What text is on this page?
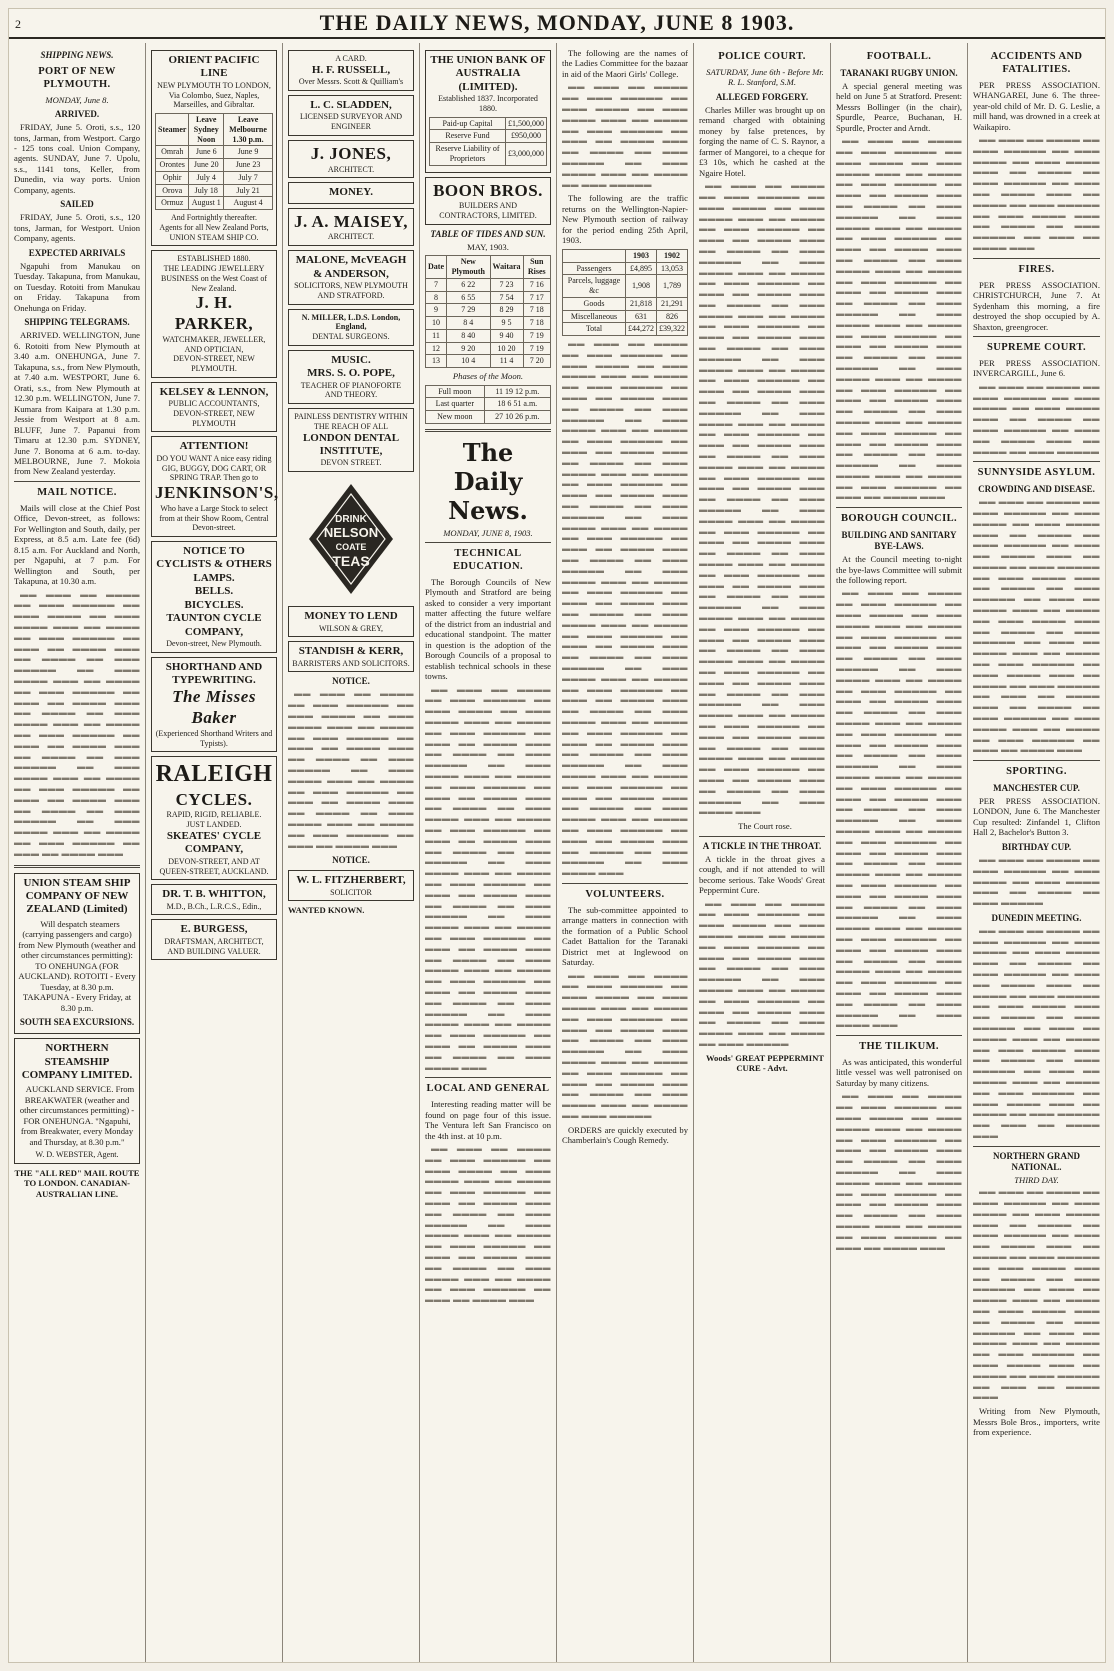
2	THE DAILY NEWS, MONDAY, JUNE 8 1903.
SHIPPING NEWS.
PORT OF NEW PLYMOUTH.
MONDAY, June 8.
ARRIVED.

FRIDAY, June 5. Oroti, s.s., 120 tons, Jarman, from Westport. Cargo - 125 tons coal. Union Company, agents. SUNDAY, June 7. Upolu, s.s., 1141 tons, Keller, from Dunedin, via way ports. Union Company, agents.

SAILED

FRIDAY, June 5. Oroti, s.s., 120 tons, Jarman, for Westport. Union Company, agents.

EXPECTED ARRIVALS

Ngapuhi from Manukau on Tuesday. Takapuna, from Manukau, on Tuesday. Rotoiti from Manukau on Friday. Takapuna from Onehunga on Friday.

SHIPPING TELEGRAMS.

ARRIVED. WELLINGTON, June 6. Rotoiti from New Plymouth at 3.40 a.m. ONEHUNGA, June 7. Takapuna, s.s., from New Plymouth, at 7.40 a.m. WESTPORT, June 6. Orati, s.s., from New Plymouth at 12.30 p.m. WELLINGTON, June 7. Kumara from Kaipara at 1.30 p.m. Jessie from Westport at 8 a.m. BLUFF, June 7. Papanui from Timaru at 12.30 p.m. SYDNEY, June 7. Bonoma at 6 a.m. to-day. MELBOURNE, June 7. Mokoia from New Zealand yesterday.

MAIL NOTICE.

Mails will close at the Chief Post Office, Devon-street, as follows: For Wellington and South, daily, per Express, at 8.5 a.m. Late fee (6d) 8.15 a.m. For Auckland and North, per Ngapuhi, at 7 p.m. For Wellington and South, per Takapuna, at 10.30 a.m.

▬▬ ▬▬▬ ▬▬ ▬▬▬▬ ▬▬ ▬▬▬ ▬▬▬▬▬ ▬▬ ▬▬▬ ▬▬▬▬ ▬▬ ▬▬▬ ▬▬▬▬ ▬▬▬ ▬▬ ▬▬▬▬ ▬▬ ▬▬▬ ▬▬▬▬▬ ▬▬ ▬▬▬ ▬▬ ▬▬▬▬ ▬▬▬ ▬▬ ▬▬▬▬ ▬▬ ▬▬▬ ▬▬▬▬▬ ▬▬ ▬▬▬ ▬▬▬▬ ▬▬▬ ▬▬ ▬▬▬▬ ▬▬ ▬▬▬ ▬▬▬▬▬ ▬▬ ▬▬▬ ▬▬ ▬▬▬▬ ▬▬▬ ▬▬ ▬▬▬▬ ▬▬ ▬▬▬ ▬▬▬▬ ▬▬▬ ▬▬ ▬▬▬▬ ▬▬ ▬▬▬ ▬▬▬▬▬ ▬▬ ▬▬▬ ▬▬ ▬▬▬▬ ▬▬▬ ▬▬ ▬▬▬▬ ▬▬ ▬▬▬ ▬▬▬▬▬ ▬▬ ▬▬▬ ▬▬▬▬ ▬▬▬ ▬▬ ▬▬▬▬ ▬▬ ▬▬▬ ▬▬▬▬▬ ▬▬ ▬▬▬ ▬▬ ▬▬▬▬ ▬▬▬ ▬▬ ▬▬▬▬ ▬▬ ▬▬▬ ▬▬▬▬▬ ▬▬ ▬▬▬ ▬▬▬▬ ▬▬▬ ▬▬ ▬▬▬▬ ▬▬ ▬▬▬ ▬▬▬▬▬ ▬▬ ▬▬▬ ▬▬ ▬▬▬▬ ▬▬▬

UNION STEAM SHIP COMPANY OF NEW ZEALAND (Limited)

Will despatch steamers (carrying passengers and cargo) from New Plymouth (weather and other circumstances permitting): TO ONEHUNGA (FOR AUCKLAND). ROTOITI - Every Tuesday, at 8.30 p.m. TAKAPUNA - Every Friday, at 8.30 p.m.

SOUTH SEA EXCURSIONS.
NORTHERN STEAMSHIP COMPANY LIMITED.

AUCKLAND SERVICE. From BREAKWATER (weather and other circumstances permitting) - FOR ONEHUNGA. "Ngapuhi, from Breakwater, every Monday and Thursday, at 8.30 p.m."

W. D. WEBSTER, Agent.
THE "ALL RED" MAIL ROUTE TO LONDON. CANADIAN-AUSTRALIAN LINE.
ORIENT PACIFIC LINE
NEW PLYMOUTH TO LONDON, Via Colombo, Suez, Naples, Marseilles, and Gibraltar.
Steamer	Leave Sydney Noon	Leave Melbourne 1.30 p.m.
Omrah	June 6	June 9
Orontes	June 20	June 23
Ophir	July 4	July 7
Orova	July 18	July 21
Ormuz	August 1	August 4
And Fortnightly thereafter.
Agents for all New Zealand Ports, UNION STEAM SHIP CO.
ESTABLISHED 1880.
THE LEADING JEWELLERY BUSINESS on the West Coast of New Zealand.
J. H. PARKER,
WATCHMAKER, JEWELLER, AND OPTICIAN,
DEVON-STREET, NEW PLYMOUTH.
KELSEY & LENNON,
PUBLIC ACCOUNTANTS, DEVON-STREET, NEW PLYMOUTH
ATTENTION!
DO YOU WANT A nice easy riding GIG, BUGGY, DOG CART, OR SPRING TRAP. Then go to
JENKINSON'S,
Who have a Large Stock to select from at their Show Room, Central Devon-street.
NOTICE TO CYCLISTS & OTHERS
LAMPS.
BELLS.
BICYCLES.
TAUNTON CYCLE COMPANY,
Devon-street, New Plymouth.
SHORTHAND AND TYPEWRITING.
The Misses Baker
(Experienced Shorthand Writers and Typists).
RALEIGH
CYCLES.
RAPID, RIGID, RELIABLE.
JUST LANDED.
SKEATES' CYCLE COMPANY,
DEVON-STREET, AND AT QUEEN-STREET, AUCKLAND.
DR. T. B. WHITTON,
M.D., B.Ch., L.R.C.S., Edin.,
E. BURGESS,
DRAFTSMAN, ARCHITECT, AND BUILDING VALUER.
A CARD.
H. F. RUSSELL,
Over Messrs. Scott & Quilliam's
L. C. SLADDEN,
LICENSED SURVEYOR AND ENGINEER
J. JONES,
ARCHITECT.
MONEY.
J. A. MAISEY,
ARCHITECT.
MALONE, McVEAGH & ANDERSON,
SOLICITORS, NEW PLYMOUTH AND STRATFORD.
N. MILLER, L.D.S. London, England,
DENTAL SURGEONS.
MUSIC.
MRS. S. O. POPE,
TEACHER OF PIANOFORTE AND THEORY.
PAINLESS DENTISTRY WITHIN THE REACH OF ALL
LONDON DENTAL INSTITUTE,
DEVON STREET.
DRINK
NELSON
COATE
TEAS
MONEY TO LEND
WILSON & GREY,
STANDISH & KERR,
BARRISTERS AND SOLICITORS.
NOTICE.

▬▬ ▬▬▬ ▬▬ ▬▬▬▬ ▬▬ ▬▬▬ ▬▬▬▬▬ ▬▬ ▬▬▬ ▬▬▬▬ ▬▬ ▬▬▬ ▬▬▬▬ ▬▬▬ ▬▬ ▬▬▬▬ ▬▬ ▬▬▬ ▬▬▬▬▬ ▬▬ ▬▬▬ ▬▬ ▬▬▬▬ ▬▬▬ ▬▬ ▬▬▬▬ ▬▬ ▬▬▬ ▬▬▬▬▬ ▬▬ ▬▬▬ ▬▬▬▬ ▬▬▬ ▬▬ ▬▬▬▬ ▬▬ ▬▬▬ ▬▬▬▬▬ ▬▬ ▬▬▬ ▬▬ ▬▬▬▬ ▬▬▬ ▬▬ ▬▬▬▬ ▬▬ ▬▬▬ ▬▬▬▬ ▬▬▬ ▬▬ ▬▬▬▬ ▬▬ ▬▬▬ ▬▬▬▬▬ ▬▬ ▬▬▬ ▬▬ ▬▬▬▬ ▬▬▬

NOTICE.
W. L. FITZHERBERT,
SOLICITOR
WANTED KNOWN.
THE UNION BANK OF AUSTRALIA (LIMITED).
Established 1837. Incorporated 1880.
Paid-up Capital	£1,500,000
Reserve Fund	£950,000
Reserve Liability of Proprietors	£3,000,000
BOON BROS.
BUILDERS AND CONTRACTORS, LIMITED.
TABLE OF TIDES AND SUN.
MAY, 1903.
Date	New Plymouth	Waitara	Sun Rises
7	6 22	7 23	7 16
8	6 55	7 54	7 17
9	7 29	8 29	7 18
10	8 4	9 5	7 18
11	8 40	9 40	7 19
12	9 20	10 20	7 19
13	10 4	11 4	7 20
Phases of the Moon.
Full moon	11 19 12 p.m.
Last quarter	18 6 51 a.m.
New moon	27 10 26 p.m.
The Daily News.
MONDAY, JUNE 8, 1903.
TECHNICAL EDUCATION.

The Borough Councils of New Plymouth and Stratford are being asked to consider a very important matter affecting the future welfare of the district from an industrial and educational standpoint. The matter in question is the adoption of the Borough Councils of a proposal to establish technical schools in these towns.

▬▬ ▬▬▬ ▬▬ ▬▬▬▬ ▬▬ ▬▬▬ ▬▬▬▬▬ ▬▬ ▬▬▬ ▬▬▬▬ ▬▬ ▬▬▬ ▬▬▬▬ ▬▬▬ ▬▬ ▬▬▬▬ ▬▬ ▬▬▬ ▬▬▬▬▬ ▬▬ ▬▬▬ ▬▬ ▬▬▬▬ ▬▬▬ ▬▬ ▬▬▬▬ ▬▬ ▬▬▬ ▬▬▬▬▬ ▬▬ ▬▬▬ ▬▬▬▬ ▬▬▬ ▬▬ ▬▬▬▬ ▬▬ ▬▬▬ ▬▬▬▬▬ ▬▬ ▬▬▬ ▬▬ ▬▬▬▬ ▬▬▬ ▬▬ ▬▬▬▬ ▬▬ ▬▬▬ ▬▬▬▬ ▬▬▬ ▬▬ ▬▬▬▬ ▬▬ ▬▬▬ ▬▬▬▬▬ ▬▬ ▬▬▬ ▬▬ ▬▬▬▬ ▬▬▬ ▬▬ ▬▬▬▬ ▬▬ ▬▬▬ ▬▬▬▬▬ ▬▬ ▬▬▬ ▬▬▬▬ ▬▬▬ ▬▬ ▬▬▬▬ ▬▬ ▬▬▬ ▬▬▬▬▬ ▬▬ ▬▬▬ ▬▬ ▬▬▬▬ ▬▬▬ ▬▬ ▬▬▬▬ ▬▬ ▬▬▬ ▬▬▬▬▬ ▬▬ ▬▬▬ ▬▬▬▬ ▬▬▬ ▬▬ ▬▬▬▬ ▬▬ ▬▬▬ ▬▬▬▬▬ ▬▬ ▬▬▬ ▬▬ ▬▬▬▬ ▬▬▬ ▬▬ ▬▬▬▬ ▬▬ ▬▬▬ ▬▬▬▬ ▬▬▬ ▬▬ ▬▬▬▬ ▬▬ ▬▬▬ ▬▬▬▬▬ ▬▬ ▬▬▬ ▬▬ ▬▬▬▬ ▬▬▬ ▬▬ ▬▬▬▬ ▬▬ ▬▬▬ ▬▬▬▬▬ ▬▬ ▬▬▬ ▬▬▬▬ ▬▬▬ ▬▬ ▬▬▬▬ ▬▬ ▬▬▬ ▬▬▬▬▬ ▬▬ ▬▬▬ ▬▬ ▬▬▬▬ ▬▬▬ ▬▬ ▬▬▬▬ ▬▬ ▬▬▬ ▬▬▬▬ ▬▬▬

LOCAL AND GENERAL

Interesting reading matter will be found on page four of this issue. The Ventura left San Francisco on the 4th inst. at 10 p.m.

▬▬ ▬▬▬ ▬▬ ▬▬▬▬ ▬▬ ▬▬▬ ▬▬▬▬▬ ▬▬ ▬▬▬ ▬▬▬▬ ▬▬ ▬▬▬ ▬▬▬▬ ▬▬▬ ▬▬ ▬▬▬▬ ▬▬ ▬▬▬ ▬▬▬▬▬ ▬▬ ▬▬▬ ▬▬ ▬▬▬▬ ▬▬▬ ▬▬ ▬▬▬▬ ▬▬ ▬▬▬ ▬▬▬▬▬ ▬▬ ▬▬▬ ▬▬▬▬ ▬▬▬ ▬▬ ▬▬▬▬ ▬▬ ▬▬▬ ▬▬▬▬▬ ▬▬ ▬▬▬ ▬▬ ▬▬▬▬ ▬▬▬ ▬▬ ▬▬▬▬ ▬▬ ▬▬▬ ▬▬▬▬ ▬▬▬ ▬▬ ▬▬▬▬ ▬▬ ▬▬▬ ▬▬▬▬▬ ▬▬ ▬▬▬ ▬▬ ▬▬▬▬ ▬▬▬

The following are the names of the Ladies Committee for the bazaar in aid of the Maori Girls' College.

▬▬ ▬▬▬ ▬▬ ▬▬▬▬ ▬▬ ▬▬▬ ▬▬▬▬▬ ▬▬ ▬▬▬ ▬▬▬▬ ▬▬ ▬▬▬ ▬▬▬▬ ▬▬▬ ▬▬ ▬▬▬▬ ▬▬ ▬▬▬ ▬▬▬▬▬ ▬▬ ▬▬▬ ▬▬ ▬▬▬▬ ▬▬▬ ▬▬ ▬▬▬▬ ▬▬ ▬▬▬ ▬▬▬▬▬ ▬▬ ▬▬▬ ▬▬▬▬ ▬▬▬ ▬▬ ▬▬▬▬ ▬▬ ▬▬▬ ▬▬▬▬▬

The following are the traffic returns on the Wellington-Napier-New Plymouth section of railway for the period ending 25th April, 1903.

	1903	1902
Passengers	£4,895	13,053
Parcels, luggage &c	1,908	1,789
Goods	21,818	21,291
Miscellaneous	631	826
Total	£44,272	£39,322

▬▬ ▬▬▬ ▬▬ ▬▬▬▬ ▬▬ ▬▬▬ ▬▬▬▬▬ ▬▬ ▬▬▬ ▬▬▬▬ ▬▬ ▬▬▬ ▬▬▬▬ ▬▬▬ ▬▬ ▬▬▬▬ ▬▬ ▬▬▬ ▬▬▬▬▬ ▬▬ ▬▬▬ ▬▬ ▬▬▬▬ ▬▬▬ ▬▬ ▬▬▬▬ ▬▬ ▬▬▬ ▬▬▬▬▬ ▬▬ ▬▬▬ ▬▬▬▬ ▬▬▬ ▬▬ ▬▬▬▬ ▬▬ ▬▬▬ ▬▬▬▬▬ ▬▬ ▬▬▬ ▬▬ ▬▬▬▬ ▬▬▬ ▬▬ ▬▬▬▬ ▬▬ ▬▬▬ ▬▬▬▬ ▬▬▬ ▬▬ ▬▬▬▬ ▬▬ ▬▬▬ ▬▬▬▬▬ ▬▬ ▬▬▬ ▬▬ ▬▬▬▬ ▬▬▬ ▬▬ ▬▬▬▬ ▬▬ ▬▬▬ ▬▬▬▬▬ ▬▬ ▬▬▬ ▬▬▬▬ ▬▬▬ ▬▬ ▬▬▬▬ ▬▬ ▬▬▬ ▬▬▬▬▬ ▬▬ ▬▬▬ ▬▬ ▬▬▬▬ ▬▬▬ ▬▬ ▬▬▬▬ ▬▬ ▬▬▬ ▬▬▬▬▬ ▬▬ ▬▬▬ ▬▬▬▬ ▬▬▬ ▬▬ ▬▬▬▬ ▬▬ ▬▬▬ ▬▬▬▬▬ ▬▬ ▬▬▬ ▬▬ ▬▬▬▬ ▬▬▬ ▬▬ ▬▬▬▬ ▬▬ ▬▬▬ ▬▬▬▬ ▬▬▬ ▬▬ ▬▬▬▬ ▬▬ ▬▬▬ ▬▬▬▬▬ ▬▬ ▬▬▬ ▬▬ ▬▬▬▬ ▬▬▬ ▬▬ ▬▬▬▬ ▬▬ ▬▬▬ ▬▬▬▬▬ ▬▬ ▬▬▬ ▬▬▬▬ ▬▬▬ ▬▬ ▬▬▬▬ ▬▬ ▬▬▬ ▬▬▬▬▬ ▬▬ ▬▬▬ ▬▬ ▬▬▬▬ ▬▬▬ ▬▬ ▬▬▬▬ ▬▬ ▬▬▬ ▬▬▬▬ ▬▬▬ ▬▬ ▬▬▬▬ ▬▬ ▬▬▬ ▬▬▬▬▬ ▬▬ ▬▬▬ ▬▬ ▬▬▬▬ ▬▬▬ ▬▬ ▬▬▬▬ ▬▬ ▬▬▬ ▬▬▬▬▬ ▬▬ ▬▬▬ ▬▬▬▬ ▬▬▬ ▬▬ ▬▬▬▬ ▬▬ ▬▬▬ ▬▬▬▬▬ ▬▬ ▬▬▬ ▬▬ ▬▬▬▬ ▬▬▬ ▬▬ ▬▬▬▬ ▬▬ ▬▬▬ ▬▬▬▬ ▬▬▬ ▬▬ ▬▬▬▬ ▬▬ ▬▬▬ ▬▬▬▬▬ ▬▬ ▬▬▬ ▬▬ ▬▬▬▬ ▬▬▬ ▬▬ ▬▬▬▬ ▬▬ ▬▬▬ ▬▬▬▬▬ ▬▬ ▬▬▬ ▬▬▬▬ ▬▬▬

VOLUNTEERS.

The sub-committee appointed to arrange matters in connection with the formation of a Public School Cadet Battalion for the Taranaki District met at Inglewood on Saturday.

▬▬ ▬▬▬ ▬▬ ▬▬▬▬ ▬▬ ▬▬▬ ▬▬▬▬▬ ▬▬ ▬▬▬ ▬▬▬▬ ▬▬ ▬▬▬ ▬▬▬▬ ▬▬▬ ▬▬ ▬▬▬▬ ▬▬ ▬▬▬ ▬▬▬▬▬ ▬▬ ▬▬▬ ▬▬ ▬▬▬▬ ▬▬▬ ▬▬ ▬▬▬▬ ▬▬ ▬▬▬ ▬▬▬▬▬ ▬▬ ▬▬▬ ▬▬▬▬ ▬▬▬ ▬▬ ▬▬▬▬ ▬▬ ▬▬▬ ▬▬▬▬▬ ▬▬ ▬▬▬ ▬▬ ▬▬▬▬ ▬▬▬ ▬▬ ▬▬▬▬ ▬▬ ▬▬▬ ▬▬▬▬ ▬▬▬ ▬▬ ▬▬▬▬ ▬▬ ▬▬▬ ▬▬▬▬▬

ORDERS are quickly executed by Chamberlain's Cough Remedy.

POLICE COURT.

SATURDAY, June 6th - Before Mr. R. L. Stanford, S.M.

ALLEGED FORGERY.

Charles Miller was brought up on remand charged with obtaining money by false pretences, by forging the name of C. S. Raynor, a farmer of Mangorei, to a cheque for £3 10s, which he cashed at the Ngaire Hotel.

▬▬ ▬▬▬ ▬▬ ▬▬▬▬ ▬▬ ▬▬▬ ▬▬▬▬▬ ▬▬ ▬▬▬ ▬▬▬▬ ▬▬ ▬▬▬ ▬▬▬▬ ▬▬▬ ▬▬ ▬▬▬▬ ▬▬ ▬▬▬ ▬▬▬▬▬ ▬▬ ▬▬▬ ▬▬ ▬▬▬▬ ▬▬▬ ▬▬ ▬▬▬▬ ▬▬ ▬▬▬ ▬▬▬▬▬ ▬▬ ▬▬▬ ▬▬▬▬ ▬▬▬ ▬▬ ▬▬▬▬ ▬▬ ▬▬▬ ▬▬▬▬▬ ▬▬ ▬▬▬ ▬▬ ▬▬▬▬ ▬▬▬ ▬▬ ▬▬▬▬ ▬▬ ▬▬▬ ▬▬▬▬ ▬▬▬ ▬▬ ▬▬▬▬ ▬▬ ▬▬▬ ▬▬▬▬▬ ▬▬ ▬▬▬ ▬▬ ▬▬▬▬ ▬▬▬ ▬▬ ▬▬▬▬ ▬▬ ▬▬▬ ▬▬▬▬▬ ▬▬ ▬▬▬ ▬▬▬▬ ▬▬▬ ▬▬ ▬▬▬▬ ▬▬ ▬▬▬ ▬▬▬▬▬ ▬▬ ▬▬▬ ▬▬ ▬▬▬▬ ▬▬▬ ▬▬ ▬▬▬▬ ▬▬ ▬▬▬ ▬▬▬▬▬ ▬▬ ▬▬▬ ▬▬▬▬ ▬▬▬ ▬▬ ▬▬▬▬ ▬▬ ▬▬▬ ▬▬▬▬▬ ▬▬ ▬▬▬ ▬▬ ▬▬▬▬ ▬▬▬ ▬▬ ▬▬▬▬ ▬▬ ▬▬▬ ▬▬▬▬ ▬▬▬ ▬▬ ▬▬▬▬ ▬▬ ▬▬▬ ▬▬▬▬▬ ▬▬ ▬▬▬ ▬▬ ▬▬▬▬ ▬▬▬ ▬▬ ▬▬▬▬ ▬▬ ▬▬▬ ▬▬▬▬▬ ▬▬ ▬▬▬ ▬▬▬▬ ▬▬▬ ▬▬ ▬▬▬▬ ▬▬ ▬▬▬ ▬▬▬▬▬ ▬▬ ▬▬▬ ▬▬ ▬▬▬▬ ▬▬▬ ▬▬ ▬▬▬▬ ▬▬ ▬▬▬ ▬▬▬▬ ▬▬▬ ▬▬ ▬▬▬▬ ▬▬ ▬▬▬ ▬▬▬▬▬ ▬▬ ▬▬▬ ▬▬ ▬▬▬▬ ▬▬▬ ▬▬ ▬▬▬▬ ▬▬ ▬▬▬ ▬▬▬▬▬ ▬▬ ▬▬▬ ▬▬▬▬ ▬▬▬ ▬▬ ▬▬▬▬ ▬▬ ▬▬▬ ▬▬▬▬▬ ▬▬ ▬▬▬ ▬▬ ▬▬▬▬ ▬▬▬ ▬▬ ▬▬▬▬ ▬▬ ▬▬▬ ▬▬▬▬ ▬▬▬ ▬▬ ▬▬▬▬ ▬▬ ▬▬▬ ▬▬▬▬▬ ▬▬ ▬▬▬ ▬▬ ▬▬▬▬ ▬▬▬ ▬▬ ▬▬▬▬ ▬▬ ▬▬▬ ▬▬▬▬▬ ▬▬ ▬▬▬ ▬▬▬▬ ▬▬▬ ▬▬ ▬▬▬▬ ▬▬ ▬▬▬ ▬▬▬▬▬ ▬▬ ▬▬▬ ▬▬ ▬▬▬▬ ▬▬▬ ▬▬ ▬▬▬▬ ▬▬ ▬▬▬ ▬▬▬▬ ▬▬▬ ▬▬ ▬▬▬▬ ▬▬ ▬▬▬ ▬▬▬▬▬ ▬▬ ▬▬▬ ▬▬ ▬▬▬▬ ▬▬▬ ▬▬ ▬▬▬▬ ▬▬ ▬▬▬ ▬▬▬▬▬ ▬▬ ▬▬▬ ▬▬▬▬ ▬▬▬

The Court rose.

A TICKLE IN THE THROAT.

A tickle in the throat gives a cough, and if not attended to will become serious. Take Woods' Great Peppermint Cure.

▬▬ ▬▬▬ ▬▬ ▬▬▬▬ ▬▬ ▬▬▬ ▬▬▬▬▬ ▬▬ ▬▬▬ ▬▬▬▬ ▬▬ ▬▬▬ ▬▬▬▬ ▬▬▬ ▬▬ ▬▬▬▬ ▬▬ ▬▬▬ ▬▬▬▬▬ ▬▬ ▬▬▬ ▬▬ ▬▬▬▬ ▬▬▬ ▬▬ ▬▬▬▬ ▬▬ ▬▬▬ ▬▬▬▬▬ ▬▬ ▬▬▬ ▬▬▬▬ ▬▬▬ ▬▬ ▬▬▬▬ ▬▬ ▬▬▬ ▬▬▬▬▬ ▬▬ ▬▬▬ ▬▬ ▬▬▬▬ ▬▬▬ ▬▬ ▬▬▬▬ ▬▬ ▬▬▬ ▬▬▬▬ ▬▬▬ ▬▬ ▬▬▬▬ ▬▬ ▬▬▬ ▬▬▬▬▬

Woods' GREAT PEPPERMINT CURE - Advt.

FOOTBALL.
TARANAKI RUGBY UNION.

A special general meeting was held on June 5 at Stratford. Present: Messrs Bollinger (in the chair), Spurdle, Pearce, Buchanan, H. Spurdle, Procter and Arndt.

▬▬ ▬▬▬ ▬▬ ▬▬▬▬ ▬▬ ▬▬▬ ▬▬▬▬▬ ▬▬ ▬▬▬ ▬▬▬▬ ▬▬ ▬▬▬ ▬▬▬▬ ▬▬▬ ▬▬ ▬▬▬▬ ▬▬ ▬▬▬ ▬▬▬▬▬ ▬▬ ▬▬▬ ▬▬ ▬▬▬▬ ▬▬▬ ▬▬ ▬▬▬▬ ▬▬ ▬▬▬ ▬▬▬▬▬ ▬▬ ▬▬▬ ▬▬▬▬ ▬▬▬ ▬▬ ▬▬▬▬ ▬▬ ▬▬▬ ▬▬▬▬▬ ▬▬ ▬▬▬ ▬▬ ▬▬▬▬ ▬▬▬ ▬▬ ▬▬▬▬ ▬▬ ▬▬▬ ▬▬▬▬ ▬▬▬ ▬▬ ▬▬▬▬ ▬▬ ▬▬▬ ▬▬▬▬▬ ▬▬ ▬▬▬ ▬▬ ▬▬▬▬ ▬▬▬ ▬▬ ▬▬▬▬ ▬▬ ▬▬▬ ▬▬▬▬▬ ▬▬ ▬▬▬ ▬▬▬▬ ▬▬▬ ▬▬ ▬▬▬▬ ▬▬ ▬▬▬ ▬▬▬▬▬ ▬▬ ▬▬▬ ▬▬ ▬▬▬▬ ▬▬▬ ▬▬ ▬▬▬▬ ▬▬ ▬▬▬ ▬▬▬▬▬ ▬▬ ▬▬▬ ▬▬▬▬ ▬▬▬ ▬▬ ▬▬▬▬ ▬▬ ▬▬▬ ▬▬▬▬▬ ▬▬ ▬▬▬ ▬▬ ▬▬▬▬ ▬▬▬ ▬▬ ▬▬▬▬ ▬▬ ▬▬▬ ▬▬▬▬ ▬▬▬ ▬▬ ▬▬▬▬ ▬▬ ▬▬▬ ▬▬▬▬▬ ▬▬ ▬▬▬ ▬▬ ▬▬▬▬ ▬▬▬ ▬▬ ▬▬▬▬ ▬▬ ▬▬▬ ▬▬▬▬▬ ▬▬ ▬▬▬ ▬▬▬▬ ▬▬▬ ▬▬ ▬▬▬▬ ▬▬ ▬▬▬ ▬▬▬▬▬ ▬▬ ▬▬▬ ▬▬ ▬▬▬▬ ▬▬▬

BOROUGH COUNCIL.
BUILDING AND SANITARY BYE-LAWS.

At the Council meeting to-night the bye-laws Committee will submit the following report.

▬▬ ▬▬▬ ▬▬ ▬▬▬▬ ▬▬ ▬▬▬ ▬▬▬▬▬ ▬▬ ▬▬▬ ▬▬▬▬ ▬▬ ▬▬▬ ▬▬▬▬ ▬▬▬ ▬▬ ▬▬▬▬ ▬▬ ▬▬▬ ▬▬▬▬▬ ▬▬ ▬▬▬ ▬▬ ▬▬▬▬ ▬▬▬ ▬▬ ▬▬▬▬ ▬▬ ▬▬▬ ▬▬▬▬▬ ▬▬ ▬▬▬ ▬▬▬▬ ▬▬▬ ▬▬ ▬▬▬▬ ▬▬ ▬▬▬ ▬▬▬▬▬ ▬▬ ▬▬▬ ▬▬ ▬▬▬▬ ▬▬▬ ▬▬ ▬▬▬▬ ▬▬ ▬▬▬ ▬▬▬▬ ▬▬▬ ▬▬ ▬▬▬▬ ▬▬ ▬▬▬ ▬▬▬▬▬ ▬▬ ▬▬▬ ▬▬ ▬▬▬▬ ▬▬▬ ▬▬ ▬▬▬▬ ▬▬ ▬▬▬ ▬▬▬▬▬ ▬▬ ▬▬▬ ▬▬▬▬ ▬▬▬ ▬▬ ▬▬▬▬ ▬▬ ▬▬▬ ▬▬▬▬▬ ▬▬ ▬▬▬ ▬▬ ▬▬▬▬ ▬▬▬ ▬▬ ▬▬▬▬ ▬▬ ▬▬▬ ▬▬▬▬▬ ▬▬ ▬▬▬ ▬▬▬▬ ▬▬▬ ▬▬ ▬▬▬▬ ▬▬ ▬▬▬ ▬▬▬▬▬ ▬▬ ▬▬▬ ▬▬ ▬▬▬▬ ▬▬▬ ▬▬ ▬▬▬▬ ▬▬ ▬▬▬ ▬▬▬▬ ▬▬▬ ▬▬ ▬▬▬▬ ▬▬ ▬▬▬ ▬▬▬▬▬ ▬▬ ▬▬▬ ▬▬ ▬▬▬▬ ▬▬▬ ▬▬ ▬▬▬▬ ▬▬ ▬▬▬ ▬▬▬▬▬ ▬▬ ▬▬▬ ▬▬▬▬ ▬▬▬ ▬▬ ▬▬▬▬ ▬▬ ▬▬▬ ▬▬▬▬▬ ▬▬ ▬▬▬ ▬▬ ▬▬▬▬ ▬▬▬ ▬▬ ▬▬▬▬ ▬▬ ▬▬▬ ▬▬▬▬ ▬▬▬ ▬▬ ▬▬▬▬ ▬▬ ▬▬▬ ▬▬▬▬▬ ▬▬ ▬▬▬ ▬▬ ▬▬▬▬ ▬▬▬ ▬▬ ▬▬▬▬ ▬▬ ▬▬▬ ▬▬▬▬▬ ▬▬ ▬▬▬ ▬▬▬▬ ▬▬▬

THE TILIKUM.

As was anticipated, this wonderful little vessel was well patronised on Saturday by many citizens.

▬▬ ▬▬▬ ▬▬ ▬▬▬▬ ▬▬ ▬▬▬ ▬▬▬▬▬ ▬▬ ▬▬▬ ▬▬▬▬ ▬▬ ▬▬▬ ▬▬▬▬ ▬▬▬ ▬▬ ▬▬▬▬ ▬▬ ▬▬▬ ▬▬▬▬▬ ▬▬ ▬▬▬ ▬▬ ▬▬▬▬ ▬▬▬ ▬▬ ▬▬▬▬ ▬▬ ▬▬▬ ▬▬▬▬▬ ▬▬ ▬▬▬ ▬▬▬▬ ▬▬▬ ▬▬ ▬▬▬▬ ▬▬ ▬▬▬ ▬▬▬▬▬ ▬▬ ▬▬▬ ▬▬ ▬▬▬▬ ▬▬▬ ▬▬ ▬▬▬▬ ▬▬ ▬▬▬ ▬▬▬▬ ▬▬▬ ▬▬ ▬▬▬▬ ▬▬ ▬▬▬ ▬▬▬▬▬ ▬▬ ▬▬▬ ▬▬ ▬▬▬▬ ▬▬▬

ACCIDENTS AND FATALITIES.

PER PRESS ASSOCIATION. WHANGAREI, June 6. The three-year-old child of Mr. D. G. Leslie, a mill hand, was drowned in a creek at Waikapiro.

▬▬ ▬▬▬ ▬▬ ▬▬▬▬ ▬▬ ▬▬▬ ▬▬▬▬▬ ▬▬ ▬▬▬ ▬▬▬▬ ▬▬ ▬▬▬ ▬▬▬▬ ▬▬▬ ▬▬ ▬▬▬▬ ▬▬ ▬▬▬ ▬▬▬▬▬ ▬▬ ▬▬▬ ▬▬ ▬▬▬▬ ▬▬▬ ▬▬ ▬▬▬▬ ▬▬ ▬▬▬ ▬▬▬▬▬ ▬▬ ▬▬▬ ▬▬▬▬ ▬▬▬ ▬▬ ▬▬▬▬ ▬▬ ▬▬▬ ▬▬▬▬▬ ▬▬ ▬▬▬ ▬▬ ▬▬▬▬ ▬▬▬

FIRES.

PER PRESS ASSOCIATION. CHRISTCHURCH, June 7. At Sydenham this morning, a fire destroyed the shop occupied by A. Shaxton, greengrocer.

SUPREME COURT.

PER PRESS ASSOCIATION. INVERCARGILL, June 6.

▬▬ ▬▬▬ ▬▬ ▬▬▬▬ ▬▬ ▬▬▬ ▬▬▬▬▬ ▬▬ ▬▬▬ ▬▬▬▬ ▬▬ ▬▬▬ ▬▬▬▬ ▬▬▬ ▬▬ ▬▬▬▬ ▬▬ ▬▬▬ ▬▬▬▬▬ ▬▬ ▬▬▬ ▬▬ ▬▬▬▬ ▬▬▬ ▬▬ ▬▬▬▬ ▬▬ ▬▬▬ ▬▬▬▬▬

SUNNYSIDE ASYLUM.
CROWDING AND DISEASE.

▬▬ ▬▬▬ ▬▬ ▬▬▬▬ ▬▬ ▬▬▬ ▬▬▬▬▬ ▬▬ ▬▬▬ ▬▬▬▬ ▬▬ ▬▬▬ ▬▬▬▬ ▬▬▬ ▬▬ ▬▬▬▬ ▬▬ ▬▬▬ ▬▬▬▬▬ ▬▬ ▬▬▬ ▬▬ ▬▬▬▬ ▬▬▬ ▬▬ ▬▬▬▬ ▬▬ ▬▬▬ ▬▬▬▬▬ ▬▬ ▬▬▬ ▬▬▬▬ ▬▬▬ ▬▬ ▬▬▬▬ ▬▬ ▬▬▬ ▬▬▬▬▬ ▬▬ ▬▬▬ ▬▬ ▬▬▬▬ ▬▬▬ ▬▬ ▬▬▬▬ ▬▬ ▬▬▬ ▬▬▬▬ ▬▬▬ ▬▬ ▬▬▬▬ ▬▬ ▬▬▬ ▬▬▬▬▬ ▬▬ ▬▬▬ ▬▬ ▬▬▬▬ ▬▬▬ ▬▬ ▬▬▬▬ ▬▬ ▬▬▬ ▬▬▬▬▬ ▬▬ ▬▬▬ ▬▬▬▬ ▬▬▬ ▬▬ ▬▬▬▬ ▬▬ ▬▬▬ ▬▬▬▬▬ ▬▬ ▬▬▬ ▬▬ ▬▬▬▬ ▬▬▬ ▬▬ ▬▬▬▬ ▬▬ ▬▬▬ ▬▬▬▬▬ ▬▬ ▬▬▬ ▬▬▬▬ ▬▬▬ ▬▬ ▬▬▬▬ ▬▬ ▬▬▬ ▬▬▬▬▬ ▬▬ ▬▬▬ ▬▬ ▬▬▬▬ ▬▬▬

SPORTING.
MANCHESTER CUP.

PER PRESS ASSOCIATION. LONDON, June 6. The Manchester Cup resulted: Zinfandel 1, Clifton Hall 2, Bachelor's Button 3.

BIRTHDAY CUP.

▬▬ ▬▬▬ ▬▬ ▬▬▬▬ ▬▬ ▬▬▬ ▬▬▬▬▬ ▬▬ ▬▬▬ ▬▬▬▬ ▬▬ ▬▬▬ ▬▬▬▬ ▬▬▬ ▬▬ ▬▬▬▬ ▬▬ ▬▬▬ ▬▬▬▬▬

DUNEDIN MEETING.

▬▬ ▬▬▬ ▬▬ ▬▬▬▬ ▬▬ ▬▬▬ ▬▬▬▬▬ ▬▬ ▬▬▬ ▬▬▬▬ ▬▬ ▬▬▬ ▬▬▬▬ ▬▬▬ ▬▬ ▬▬▬▬ ▬▬ ▬▬▬ ▬▬▬▬▬ ▬▬ ▬▬▬ ▬▬ ▬▬▬▬ ▬▬▬ ▬▬ ▬▬▬▬ ▬▬ ▬▬▬ ▬▬▬▬▬ ▬▬ ▬▬▬ ▬▬▬▬ ▬▬▬ ▬▬ ▬▬▬▬ ▬▬ ▬▬▬ ▬▬▬▬▬ ▬▬ ▬▬▬ ▬▬ ▬▬▬▬ ▬▬▬ ▬▬ ▬▬▬▬ ▬▬ ▬▬▬ ▬▬▬▬ ▬▬▬ ▬▬ ▬▬▬▬ ▬▬ ▬▬▬ ▬▬▬▬▬ ▬▬ ▬▬▬ ▬▬ ▬▬▬▬ ▬▬▬ ▬▬ ▬▬▬▬ ▬▬ ▬▬▬ ▬▬▬▬▬ ▬▬ ▬▬▬ ▬▬▬▬ ▬▬▬ ▬▬ ▬▬▬▬ ▬▬ ▬▬▬ ▬▬▬▬▬ ▬▬ ▬▬▬ ▬▬ ▬▬▬▬ ▬▬▬

NORTHERN GRAND NATIONAL.
THIRD DAY.

▬▬ ▬▬▬ ▬▬ ▬▬▬▬ ▬▬ ▬▬▬ ▬▬▬▬▬ ▬▬ ▬▬▬ ▬▬▬▬ ▬▬ ▬▬▬ ▬▬▬▬ ▬▬▬ ▬▬ ▬▬▬▬ ▬▬ ▬▬▬ ▬▬▬▬▬ ▬▬ ▬▬▬ ▬▬ ▬▬▬▬ ▬▬▬ ▬▬ ▬▬▬▬ ▬▬ ▬▬▬ ▬▬▬▬▬ ▬▬ ▬▬▬ ▬▬▬▬ ▬▬▬ ▬▬ ▬▬▬▬ ▬▬ ▬▬▬ ▬▬▬▬▬ ▬▬ ▬▬▬ ▬▬ ▬▬▬▬ ▬▬▬ ▬▬ ▬▬▬▬ ▬▬ ▬▬▬ ▬▬▬▬ ▬▬▬ ▬▬ ▬▬▬▬ ▬▬ ▬▬▬ ▬▬▬▬▬ ▬▬ ▬▬▬ ▬▬ ▬▬▬▬ ▬▬▬ ▬▬ ▬▬▬▬ ▬▬ ▬▬▬ ▬▬▬▬▬ ▬▬ ▬▬▬ ▬▬▬▬ ▬▬▬ ▬▬ ▬▬▬▬ ▬▬ ▬▬▬ ▬▬▬▬▬ ▬▬ ▬▬▬ ▬▬ ▬▬▬▬ ▬▬▬

Writing from New Plymouth, Messrs Bole Bros., importers, write from experience.
